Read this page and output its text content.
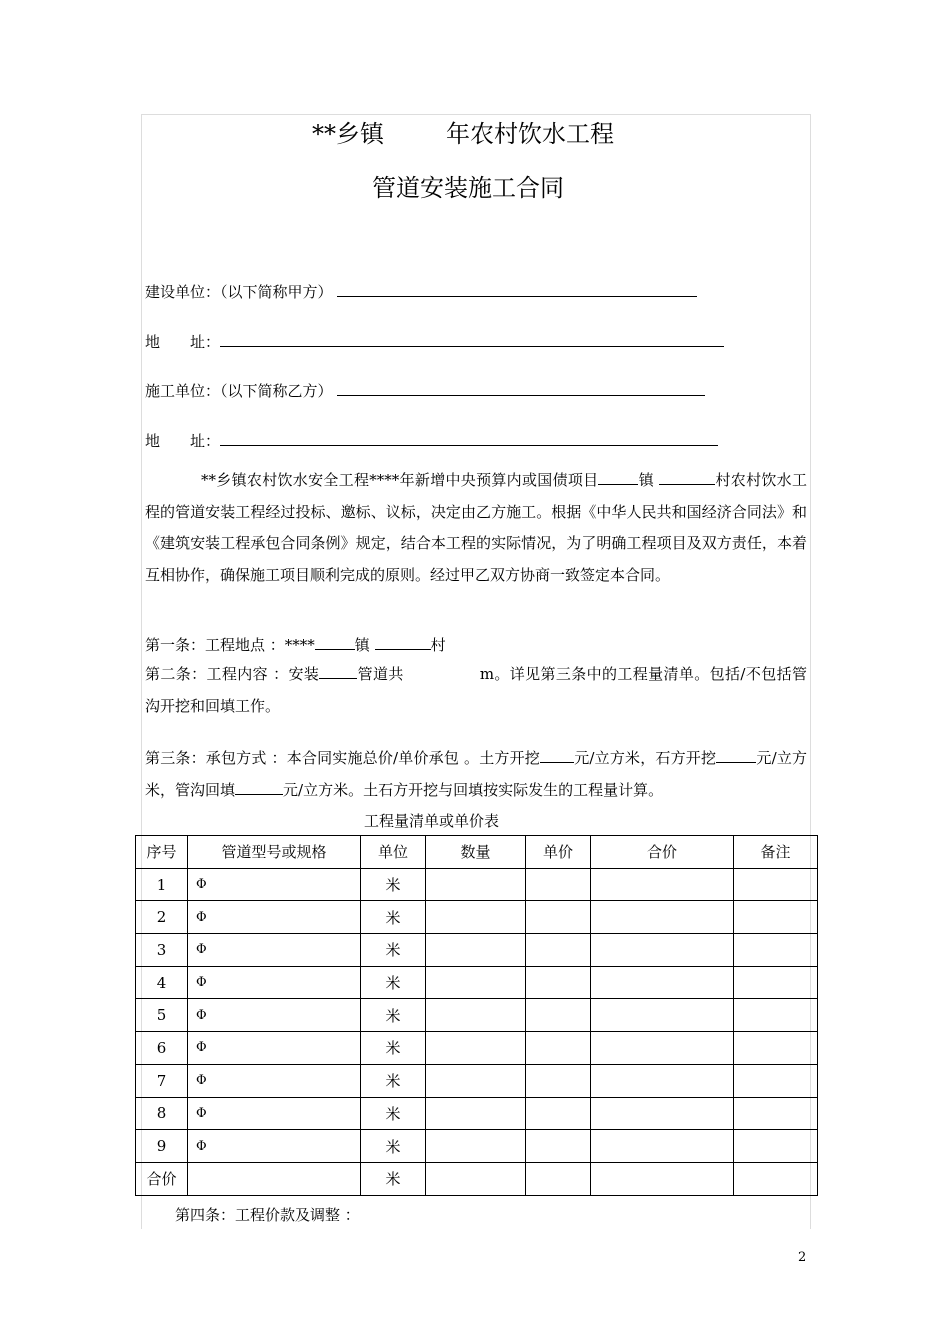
**乡镇	年农村饮水工程
管道安装施工合同
建设单位：（以下简称甲方）
地　　址：
施工单位：（以下简称乙方）
地　　址：
**乡镇农村饮水安全工程****年新增中央预算内或国债项目	镇	村农村饮水工程的管道安装工程经过投标、邀标、议标，决定由乙方施工。根据《中华人民共和国经济合同法》和《建筑安装工程承包合同条例》规定，结合本工程的实际情况，为了明确工程项目及双方责任，本着互相协作，确保施工项目顺利完成的原则。经过甲乙双方协商一致签定本合同。
第一条：工程地点 ：****	镇	村
第二条：工程内容 ：安装	管道共	m。详见第三条中的工程量清单。包括/不包括管沟开挖和回填工作。
第三条：承包方式 ：本合同实施总价/单价承包 。土方开挖 元/立方米，石方开挖	元/立方米，管沟回填	元/立方米。土石方开挖与回填按实际发生的工程量计算。
工程量清单或单价表
序号	管道型号或规格	单位	数量	单价	合价	备注
1	Φ	米				
2	Φ	米				
3	Φ	米				
4	Φ	米				
5	Φ	米				
6	Φ	米				
7	Φ	米				
8	Φ	米				
9	Φ	米				
合价		米				
第四条：工程价款及调整 ：
2
